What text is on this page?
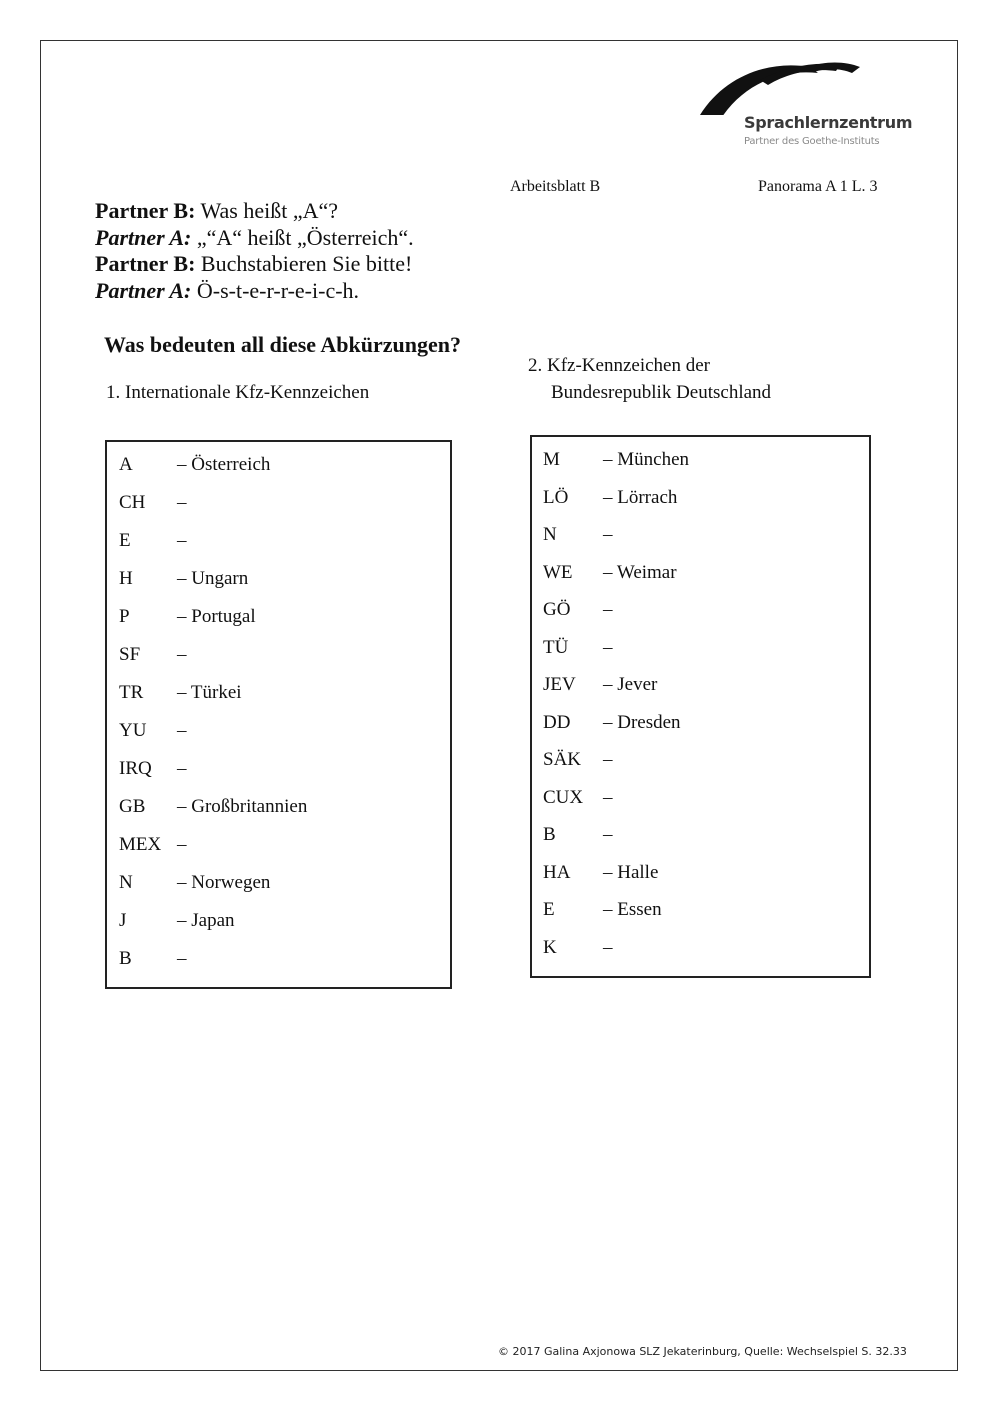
Sprachlernzentrum
Partner des Goethe-Instituts
Arbeitsblatt B	Panorama A 1 L. 3
Partner B: Was heißt „A“?
Partner A: „“A“ heißt „Österreich“.
Partner B: Buchstabieren Sie bitte!
Partner A: Ö-s-t-e-r-r-e-i-c-h.
Was bedeuten all diese Abkürzungen?
1. Internationale Kfz-Kennzeichen
2. Kfz-Kennzeichen der
Bundesrepublik Deutschland
A – Österreich
CH –
E –
H – Ungarn
P – Portugal
SF –
TR – Türkei
YU –
IRQ –
GB – Großbritannien
MEX –
N – Norwegen
J	– Japan
B –
M – München
LÖ – Lörrach
N –
WE – Weimar
GÖ –
TÜ –
JEV – Jever
DD – Dresden
SÄK –
CUX –
B –
HA – Halle
E	– Essen
K –
© 2017 Galina Axjonowa SLZ Jekaterinburg, Quelle: Wechselspiel S. 32.33
